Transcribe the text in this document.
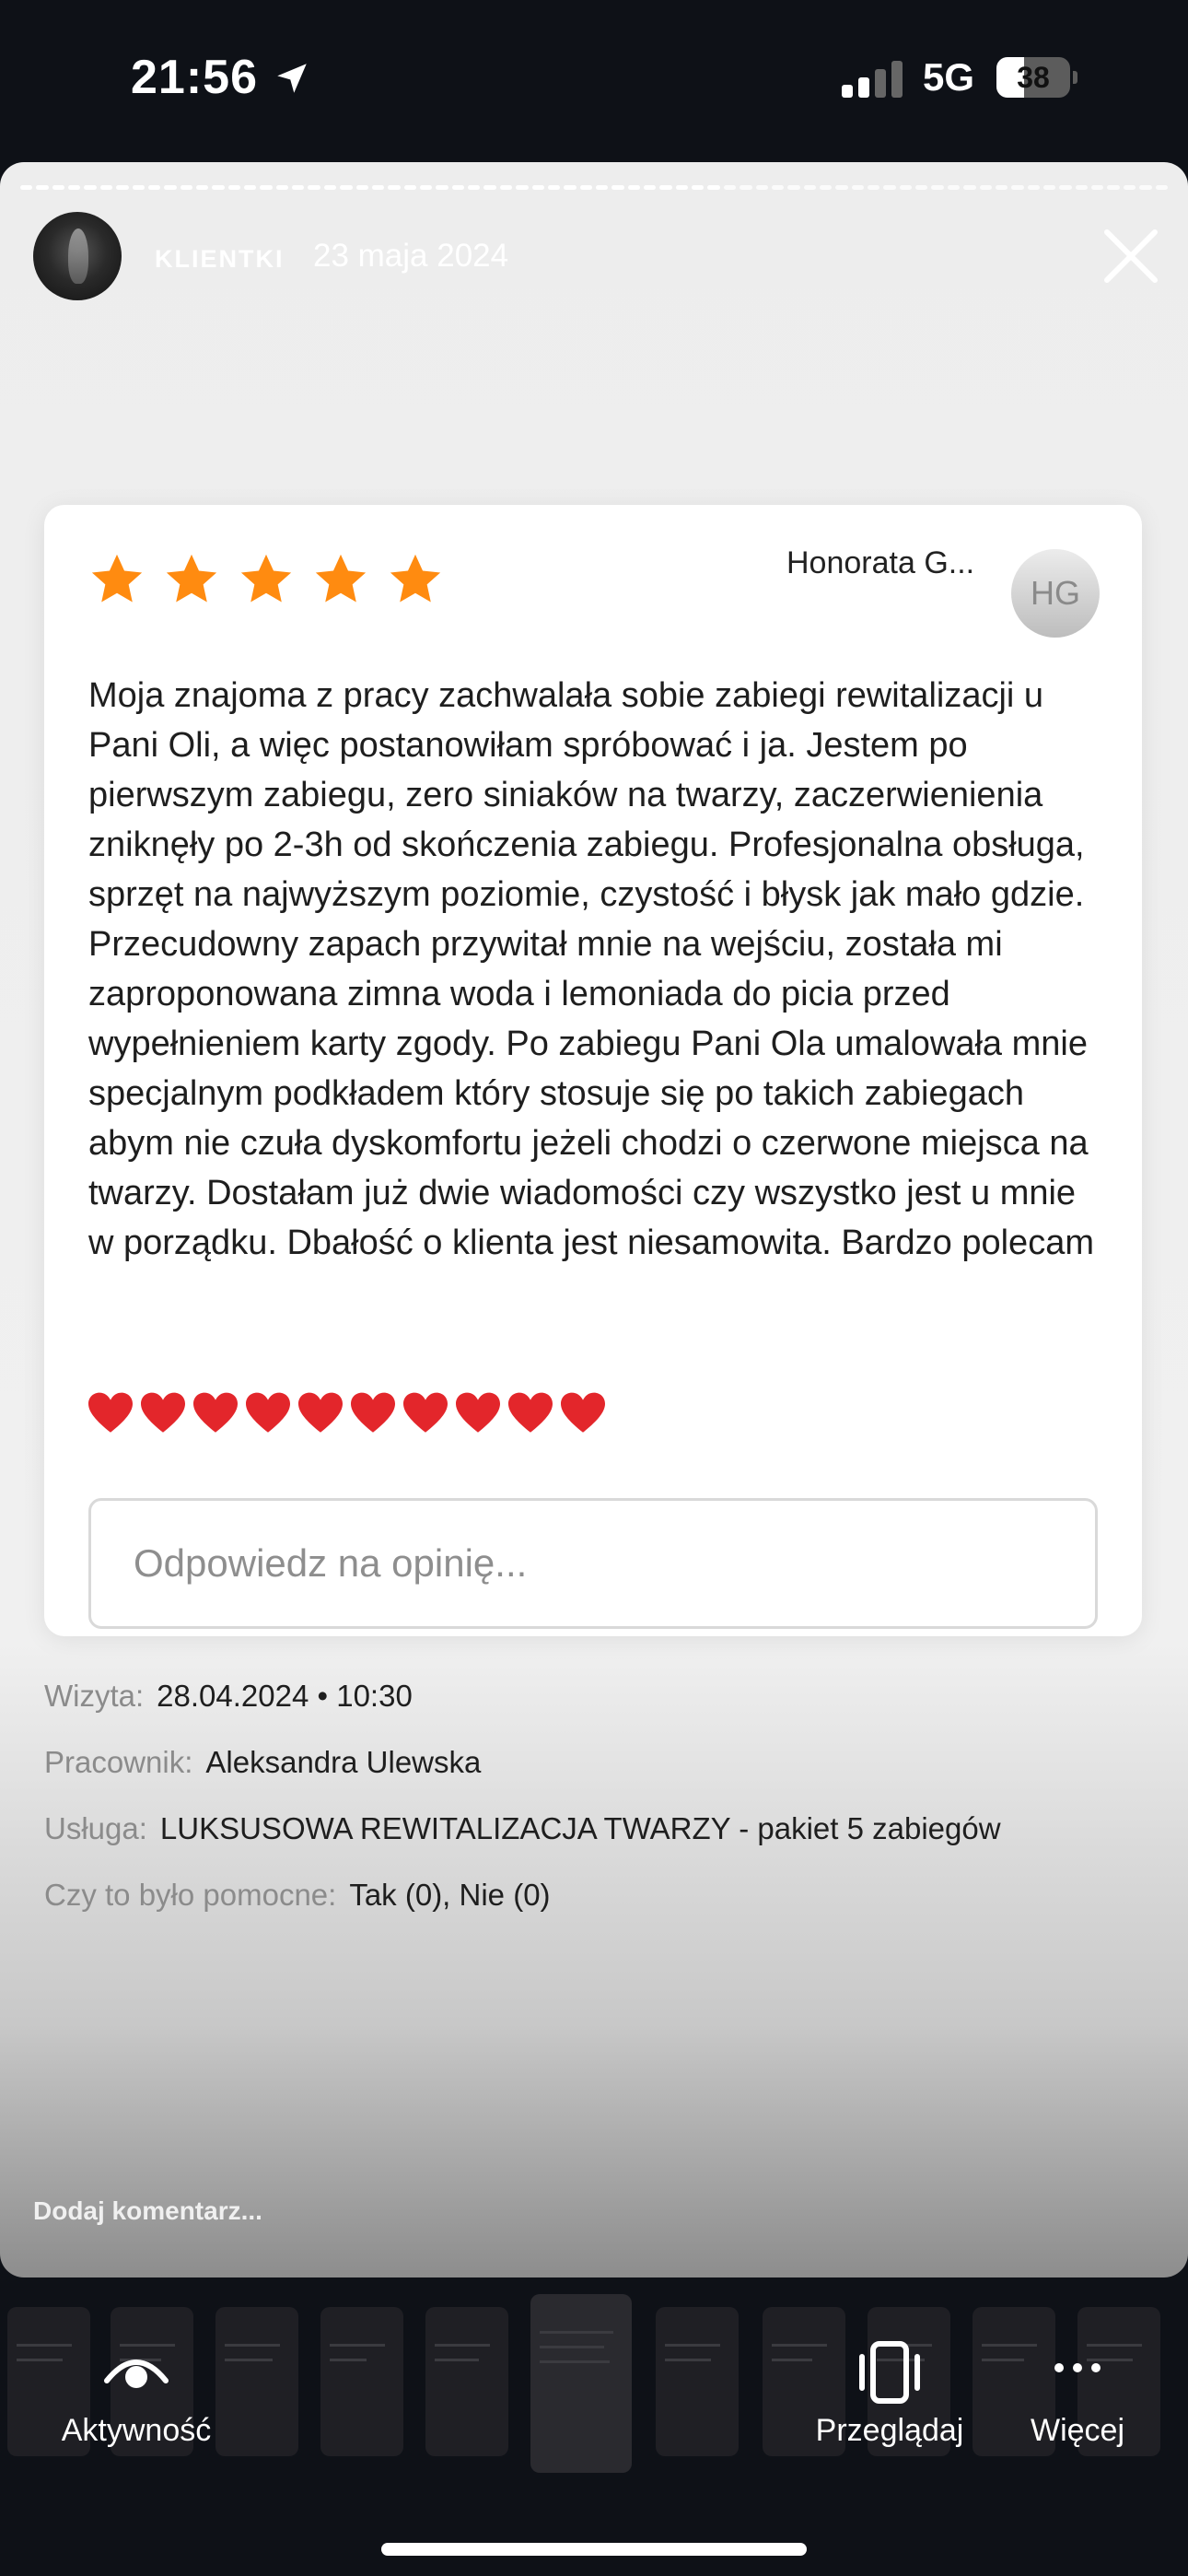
21:56	5G	38
KLIENTKI 23 maja 2024
Honorata G...
HG

Moja znajoma z pracy zachwalała sobie zabiegi rewitalizacji u Pani Oli, a więc postanowiłam spróbować i ja. Jestem po pierwszym zabiegu, zero siniaków na twarzy, zaczerwienienia zniknęły po 2-3h od skończenia zabiegu. Profesjonalna obsługa, sprzęt na najwyższym poziomie, czystość i błysk jak mało gdzie. Przecudowny zapach przywitał mnie na wejściu, została mi zaproponowana zimna woda i lemoniada do picia przed wypełnieniem karty zgody. Po zabiegu Pani Ola umalowała mnie specjalnym podkładem który stosuje się po takich zabiegach abym nie czuła dyskomfortu jeżeli chodzi o czerwone miejsca na twarzy. Dostałam już dwie wiadomości czy wszystko jest u mnie w porządku. Dbałość o klienta jest niesamowita. Bardzo polecam

Odpowiedz na opinię...
Wizyta: 28.04.2024 • 10:30
Pracownik: Aleksandra Ulewska
Usługa: LUKSUSOWA REWITALIZACJA TWARZY - pakiet 5 zabiegów
Czy to było pomocne: Tak (0), Nie (0)
Dodaj komentarz...
Aktywność	Przeglądaj	Więcej
